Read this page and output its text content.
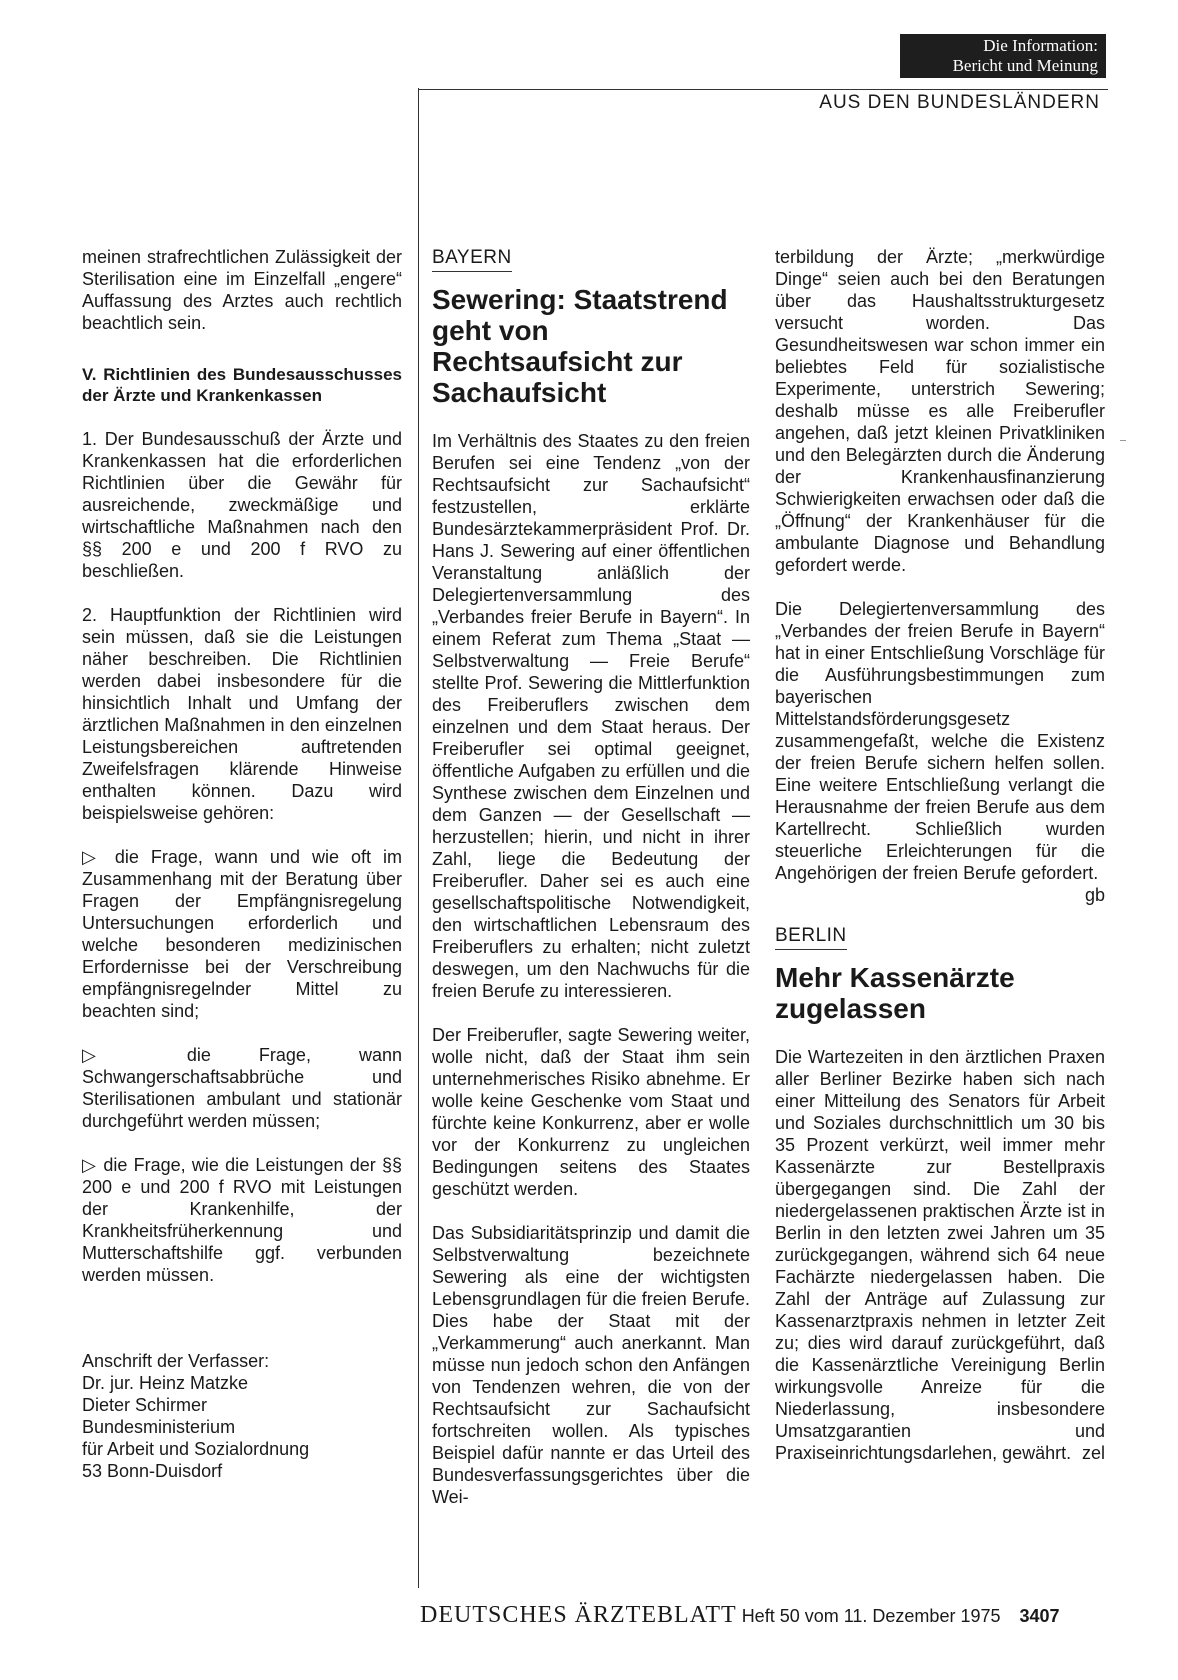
Die Information:
Bericht und Meinung
AUS DEN BUNDESLÄNDERN

meinen strafrechtlichen Zulässigkeit der Sterilisation eine im Einzelfall „engere“ Auffassung des Arztes auch rechtlich beachtlich sein.

V. Richtlinien des Bundesausschusses der Ärzte und Krankenkassen

1. Der Bundesausschuß der Ärzte und Krankenkassen hat die erforderlichen Richtlinien über die Gewähr für ausreichende, zweckmäßige und wirtschaftliche Maßnahmen nach den §§ 200 e und 200 f RVO zu beschließen.

2. Hauptfunktion der Richtlinien wird sein müssen, daß sie die Leistungen näher beschreiben. Die Richtlinien werden dabei insbesondere für die hinsichtlich Inhalt und Umfang der ärztlichen Maßnahmen in den einzelnen Leistungsbereichen auftretenden Zweifelsfragen klärende Hinweise enthalten können. Dazu wird beispielsweise gehören:

▷ die Frage, wann und wie oft im Zusammenhang mit der Beratung über Fragen der Empfängnisregelung Untersuchungen erforderlich und welche besonderen medizinischen Erfordernisse bei der Verschreibung empfängnisregelnder Mittel zu beachten sind;

▷ die Frage, wann Schwangerschaftsabbrüche und Sterilisationen ambulant und stationär durchgeführt werden müssen;

▷ die Frage, wie die Leistungen der §§ 200 e und 200 f RVO mit Leistungen der Krankenhilfe, der Krankheitsfrüherkennung und Mutterschaftshilfe ggf. verbunden werden müssen.

Anschrift der Verfasser:
Dr. jur. Heinz Matzke
Dieter Schirmer
Bundesministerium
für Arbeit und Sozialordnung
53 Bonn-Duisdorf

BAYERN

Sewering: Staatstrend geht von Rechtsaufsicht zur Sachaufsicht

Im Verhältnis des Staates zu den freien Berufen sei eine Tendenz „von der Rechtsaufsicht zur Sachaufsicht“ festzustellen, erklärte Bundesärztekammerpräsident Prof. Dr. Hans J. Sewering auf einer öffentlichen Veranstaltung anläßlich der Delegiertenversammlung des „Verbandes freier Berufe in Bayern“. In einem Referat zum Thema „Staat — Selbstverwaltung — Freie Berufe“ stellte Prof. Sewering die Mittlerfunktion des Freiberuflers zwischen dem einzelnen und dem Staat heraus. Der Freiberufler sei optimal geeignet, öffentliche Aufgaben zu erfüllen und die Synthese zwischen dem Einzelnen und dem Ganzen — der Gesellschaft — herzustellen; hierin, und nicht in ihrer Zahl, liege die Bedeutung der Freiberufler. Daher sei es auch eine gesellschaftspolitische Notwendigkeit, den wirtschaftlichen Lebensraum des Freiberuflers zu erhalten; nicht zuletzt deswegen, um den Nachwuchs für die freien Berufe zu interessieren.

Der Freiberufler, sagte Sewering weiter, wolle nicht, daß der Staat ihm sein unternehmerisches Risiko abnehme. Er wolle keine Geschenke vom Staat und fürchte keine Konkurrenz, aber er wolle vor der Konkurrenz zu ungleichen Bedingungen seitens des Staates geschützt werden.

Das Subsidiaritätsprinzip und damit die Selbstverwaltung bezeichnete Sewering als eine der wichtigsten Lebensgrundlagen für die freien Berufe. Dies habe der Staat mit der „Verkammerung“ auch anerkannt. Man müsse nun jedoch schon den Anfängen von Tendenzen wehren, die von der Rechtsaufsicht zur Sachaufsicht fortschreiten wollen. Als typisches Beispiel dafür nannte er das Urteil des Bundesverfassungsgerichtes über die Wei-

terbildung der Ärzte; „merkwürdige Dinge“ seien auch bei den Beratungen über das Haushaltsstrukturgesetz versucht worden. Das Gesundheitswesen war schon immer ein beliebtes Feld für sozialistische Experimente, unterstrich Sewering; deshalb müsse es alle Freiberufler angehen, daß jetzt kleinen Privatkliniken und den Belegärzten durch die Änderung der Krankenhausfinanzierung Schwierigkeiten erwachsen oder daß die „Öffnung“ der Krankenhäuser für die ambulante Diagnose und Behandlung gefordert werde.

Die Delegiertenversammlung des „Verbandes der freien Berufe in Bayern“ hat in einer Entschließung Vorschläge für die Ausführungsbestimmungen zum bayerischen Mittelstandsförderungsgesetz zusammengefaßt, welche die Existenz der freien Berufe sichern helfen sollen. Eine weitere Entschließung verlangt die Herausnahme der freien Berufe aus dem Kartellrecht. Schließlich wurden steuerliche Erleichterungen für die Angehörigen der freien Berufe gefordert.
gb

BERLIN

Mehr Kassenärzte zugelassen

Die Wartezeiten in den ärztlichen Praxen aller Berliner Bezirke haben sich nach einer Mitteilung des Senators für Arbeit und Soziales durchschnittlich um 30 bis 35 Prozent verkürzt, weil immer mehr Kassenärzte zur Bestellpraxis übergegangen sind. Die Zahl der niedergelassenen praktischen Ärzte ist in Berlin in den letzten zwei Jahren um 35 zurückgegangen, während sich 64 neue Fachärzte niedergelassen haben. Die Zahl der Anträge auf Zulassung zur Kassenarztpraxis nehmen in letzter Zeit zu; dies wird darauf zurückgeführt, daß die Kassenärztliche Vereinigung Berlin wirkungsvolle Anreize für die Niederlassung, insbesondere Umsatzgarantien und Praxiseinrichtungsdarlehen, gewährt. zel

DEUTSCHES ÄRZTEBLATT Heft 50 vom 11. Dezember 1975 3407
